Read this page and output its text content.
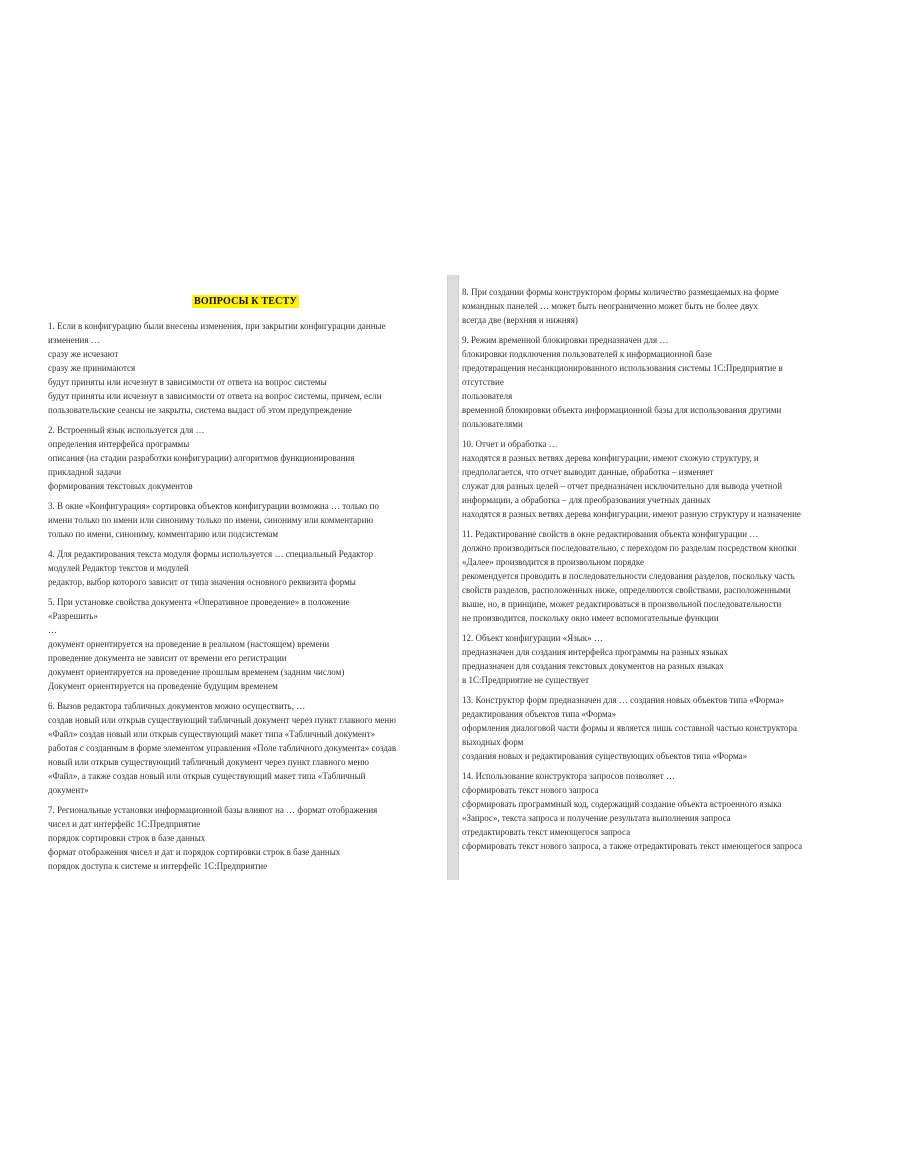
ВОПРОСЫ К ТЕСТУ
1. Если в конфигурацию были внесены изменения, при закрытии конфигурации данные
изменения …

сразу же исчезают

сразу же принимаются

будут приняты или исчезнут в зависимости от ответа на вопрос системы

будут приняты или исчезнут в зависимости от ответа на вопрос системы, причем, если
пользовательские сеансы не закрыты, система выдаст об этом предупреждение

2. Встроенный язык используется для …

определения интерфейса программы

описания (на стадии разработки конфигурации) алгоритмов функционирования
прикладной задачи

формирования текстовых документов

3. В окне «Конфигурация» сортировка объектов конфигурации возможна … только по
имени только по имени или синониму только по имени, синониму или комментарию
только по имени, синониму, комментарию или подсистемам
4. Для редактирования текста модуля формы используется … специальный Редактор
модулей Редактор текстов и модулей

редактор, выбор которого зависит от типа значения основного реквизита формы

5. При установке свойства документа «Оперативное проведение» в положение
«Разрешить»
…

документ ориентируется на проведение в реальном (настоящем) времени

проведение документа не зависит от времени его регистрации

документ ориентируется на проведение прошлым временем (задним числом)

Документ ориентируется на проведение будущим временем

6. Вызов редактора табличных документов можно осуществить, …

создав новый или открыв существующий табличный документ через пункт главного меню
«Файл» создав новый или открыв существующий макет типа «Табличный документ»
работая с созданным в форме элементом управления «Поле табличного документа» создав
новый или открыв существующий табличный документ через пункт главного меню
«Файл», а также создав новый или открыв существующий макет типа «Табличный
документ»

7. Региональные установки информационной базы влияют на … формат отображения
чисел и дат интерфейс 1С:Предприятие

порядок сортировки строк в базе данных

формат отображения чисел и дат и порядок сортировки строк в базе данных

порядок доступа к системе и интерфейс 1С:Предприятие

8. При создании формы конструктором формы количество размещаемых на форме
командных панелей … может быть неограниченно может быть не более двух
всегда две (верхняя и нижняя)
9. Режим временной блокировки предназначен для …

блокировки подключения пользователей к информационной базе

предотвращения несанкционированного использования системы 1С:Предприятие в
отсутствие

пользователя

временной блокировки объекта информационной базы для использования другими
пользователями

10. Отчет и обработка …

находятся в разных ветвях дерева конфигурации, имеют схожую структуру, и
предполагается, что отчет выводит данные, обработка – изменяет

служат для разных целей – отчет предназначен исключительно для вывода учетной
информации, а обработка – для преобразования учетных данных

находятся в разных ветвях дерева конфигурации, имеют разную структуру и назначение

11. Редактирование свойств в окне редактирования объекта конфигурации …

должно производиться последовательно, с переходом по разделам посредством кнопки
«Далее» производится в произвольном порядке

рекомендуется проводить в последовательности следования разделов, поскольку часть
свойств разделов, расположенных ниже, определяются свойствами, расположенными
выше, но, в принципе, может редактироваться в произвольной последовательности
не производится, поскольку окно имеет вспомогательные функции

12. Объект конфигурации «Язык» …

предназначен для создания интерфейса программы на разных языках

предназначен для создания текстовых документов на разных языках

в 1С:Предприятие не существует

13. Конструктор форм предназначен для … создания новых объектов типа «Форма»
редактирования объектов типа «Форма»

оформления диалоговой части формы и является лишь составной частью конструктора
выходных форм

создания новых и редактирования существующих объектов типа «Форма»

14. Использование конструктора запросов позволяет …

сформировать текст нового запроса

сформировать программный код, содержащий создание объекта встроенного языка
«Запрос», текста запроса и получение результата выполнения запроса

отредактировать текст имеющегося запроса

сформировать текст нового запроса, а также отредактировать текст имеющегося запроса
